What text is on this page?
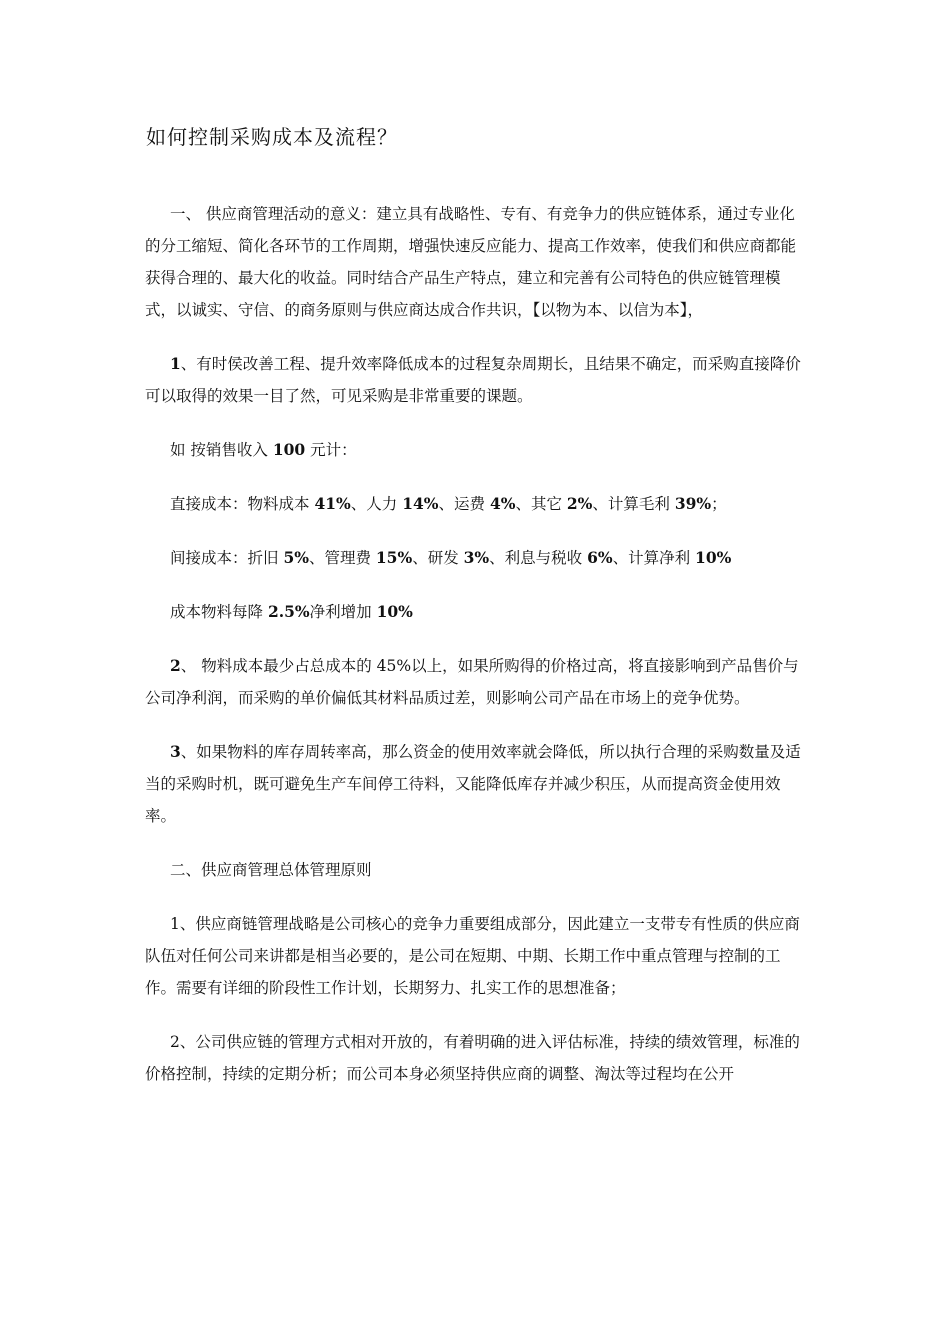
如何控制采购成本及流程？

一、 供应商管理活动的意义：建立具有战略性、专有、有竞争力的供应链体系，通过专业化的分工缩短、简化各环节的工作周期，增强快速反应能力、提高工作效率，使我们和供应商都能获得合理的、最大化的收益。同时结合产品生产特点，建立和完善有公司特色的供应链管理模式，以诚实、守信、的商务原则与供应商达成合作共识，【以物为本、以信为本】，

1、有时侯改善工程、提升效率降低成本的过程复杂周期长，且结果不确定，而采购直接降价可以取得的效果一目了然，可见采购是非常重要的课题。

如 按销售收入 100 元计：

直接成本：物料成本 41%、人力 14%、运费 4%、其它 2%、计算毛利 39%；

间接成本：折旧 5%、管理费 15%、研发 3%、利息与税收 6%、计算净利 10%

成本物料每降 2.5%净利增加 10%

2、 物料成本最少占总成本的 45%以上，如果所购得的价格过高，将直接影响到产品售价与公司净利润，而采购的单价偏低其材料品质过差，则影响公司产品在市场上的竞争优势。

3、如果物料的库存周转率高，那么资金的使用效率就会降低，所以执行合理的采购数量及适当的采购时机，既可避免生产车间停工待料，又能降低库存并减少积压，从而提高资金使用效率。

二、供应商管理总体管理原则

1、供应商链管理战略是公司核心的竞争力重要组成部分，因此建立一支带专有性质的供应商队伍对任何公司来讲都是相当必要的，是公司在短期、中期、长期工作中重点管理与控制的工作。需要有详细的阶段性工作计划，长期努力、扎实工作的思想准备；

2、公司供应链的管理方式相对开放的，有着明确的进入评估标准，持续的绩效管理，标准的价格控制，持续的定期分析；而公司本身必须坚持供应商的调整、淘汰等过程均在公开
